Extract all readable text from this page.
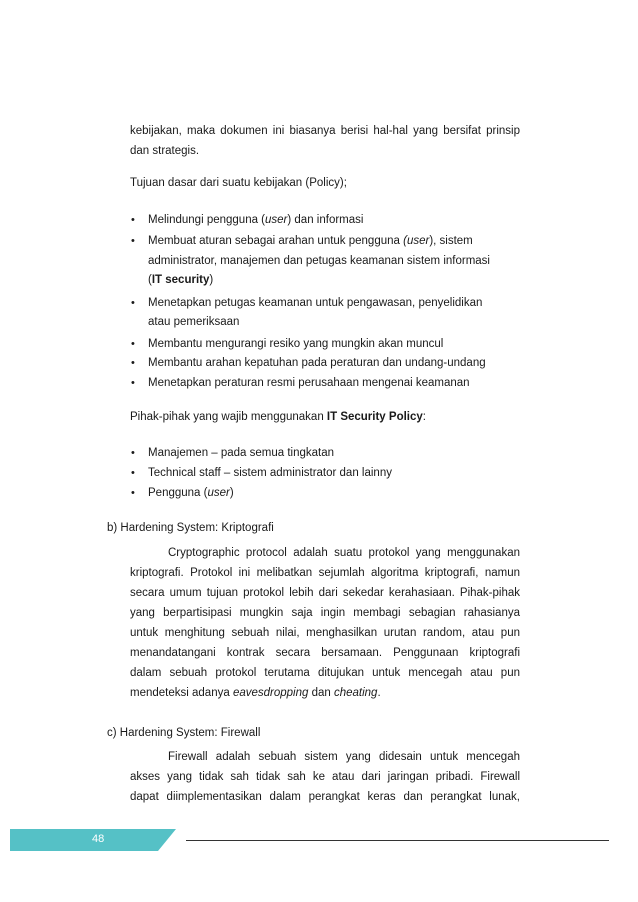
kebijakan, maka dokumen ini biasanya berisi hal-hal yang bersifat prinsip
dan strategis.
Tujuan dasar dari suatu kebijakan (Policy);
• Melindungi pengguna (user) dan informasi
• Membuat aturan sebagai arahan untuk pengguna (user), sistem
administrator, manajemen dan petugas keamanan sistem informasi
(IT security)
• Menetapkan petugas keamanan untuk pengawasan, penyelidikan
atau pemeriksaan
• Membantu mengurangi resiko yang mungkin akan muncul
• Membantu arahan kepatuhan pada peraturan dan undang-undang
• Menetapkan peraturan resmi perusahaan mengenai keamanan
Pihak-pihak yang wajib menggunakan IT Security Policy:
• Manajemen – pada semua tingkatan
• Technical staff – sistem administrator dan lainny
• Pengguna (user)
b) Hardening System: Kriptografi
Cryptographic protocol adalah suatu protokol yang menggunakan
kriptografi. Protokol ini melibatkan sejumlah algoritma kriptografi, namun
secara umum tujuan protokol lebih dari sekedar kerahasiaan. Pihak-pihak
yang berpartisipasi mungkin saja ingin membagi sebagian rahasianya
untuk menghitung sebuah nilai, menghasilkan urutan random, atau pun
menandatangani kontrak secara bersamaan. Penggunaan kriptografi
dalam sebuah protokol terutama ditujukan untuk mencegah atau pun
mendeteksi adanya eavesdropping dan cheating.
c) Hardening System: Firewall
Firewall adalah sebuah sistem yang didesain untuk mencegah
akses yang tidak sah tidak sah ke atau dari jaringan pribadi. Firewall
dapat diimplementasikan dalam perangkat keras dan perangkat lunak,
48
